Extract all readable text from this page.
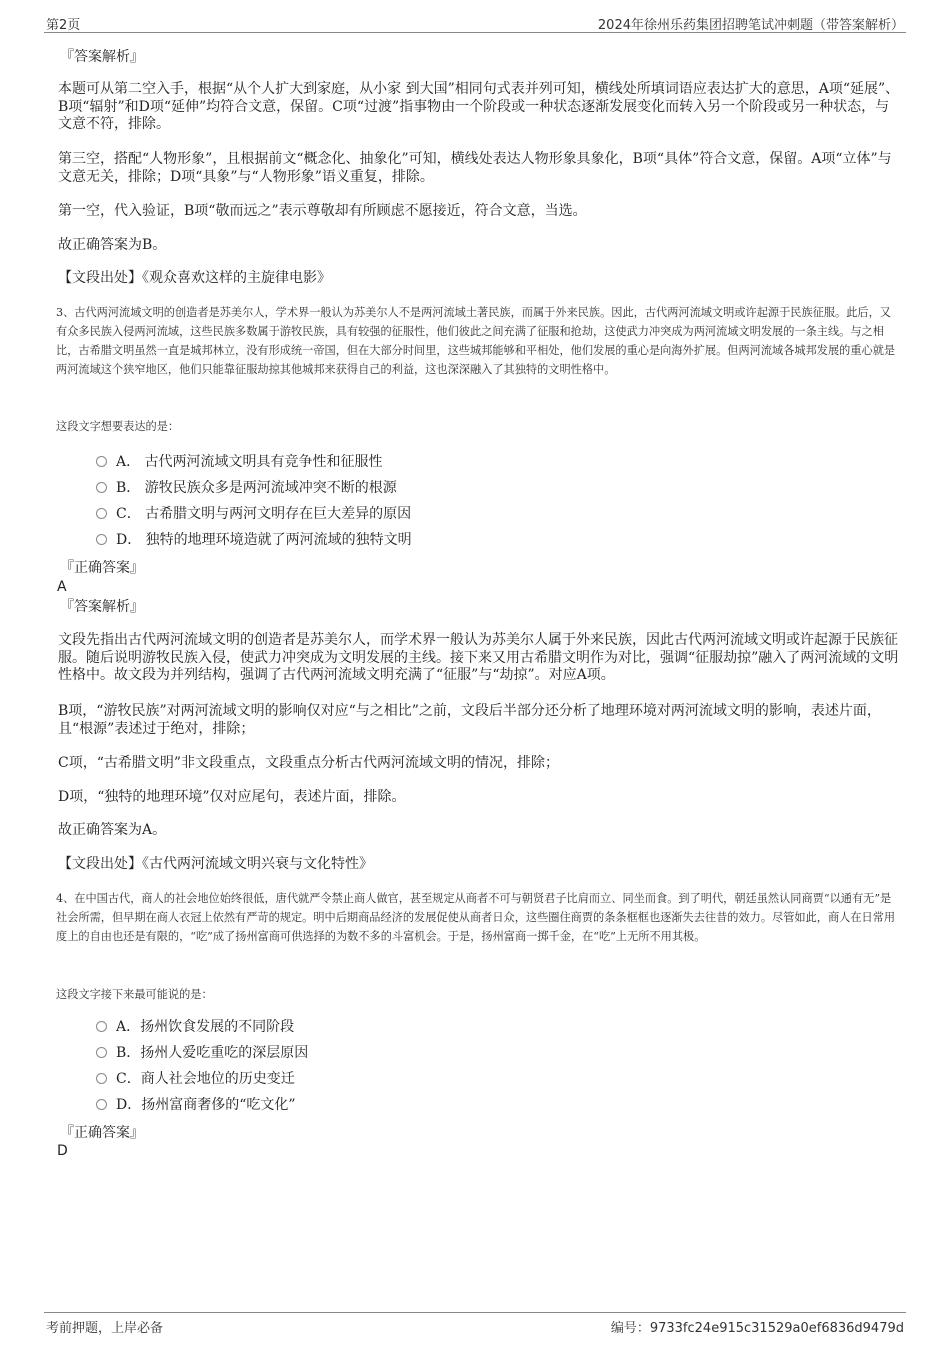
第2页	2024年徐州乐药集团招聘笔试冲刺题（带答案解析）
『答案解析』
本题可从第二空入手，根据“从个人扩大到家庭，从小家 到大国”相同句式表并列可知，横线处所填词语应表达扩大的意思，A项“延展”、B项“辐射”和D项“延伸”均符合文意，保留。C项“过渡”指事物由一个阶段或一种状态逐渐发展变化而转入另一个阶段或另一种状态，与文意不符，排除。
第三空，搭配“人物形象”，且根据前文“概念化、抽象化”可知，横线处表达人物形象具象化，B项“具体”符合文意，保留。A项“立体”与文意无关，排除；D项“具象”与“人物形象”语义重复，排除。
第一空，代入验证，B项“敬而远之”表示尊敬却有所顾虑不愿接近，符合文意，当选。
故正确答案为B。
【文段出处】《观众喜欢这样的主旋律电影》
3、古代两河流域文明的创造者是苏美尔人，学术界一般认为苏美尔人不是两河流域土著民族，而属于外来民族。因此，古代两河流域文明或许起源于民族征服。此后，又有众多民族入侵两河流域，这些民族多数属于游牧民族，具有较强的征服性，他们彼此之间充满了征服和抢劫，这使武力冲突成为两河流域文明发展的一条主线。与之相比，古希腊文明虽然一直是城邦林立，没有形成统一帝国，但在大部分时间里，这些城邦能够和平相处，他们发展的重心是向海外扩展。但两河流域各城邦发展的重心就是两河流域这个狭窄地区，他们只能靠征服劫掠其他城邦来获得自己的利益，这也深深融入了其独特的文明性格中。
这段文字想要表达的是：
A． 古代两河流域文明具有竞争性和征服性
B． 游牧民族众多是两河流域冲突不断的根源
C． 古希腊文明与两河文明存在巨大差异的原因
D． 独特的地理环境造就了两河流域的独特文明
『正确答案』
A
『答案解析』
文段先指出古代两河流域文明的创造者是苏美尔人，而学术界一般认为苏美尔人属于外来民族，因此古代两河流域文明或许起源于民族征服。随后说明游牧民族入侵，使武力冲突成为文明发展的主线。接下来又用古希腊文明作为对比，强调“征服劫掠”融入了两河流域的文明性格中。故文段为并列结构，强调了古代两河流域文明充满了“征服”与“劫掠”。对应A项。
B项，“游牧民族”对两河流域文明的影响仅对应“与之相比”之前，文段后半部分还分析了地理环境对两河流域文明的影响，表述片面，且“根源”表述过于绝对，排除；
C项，“古希腊文明”非文段重点，文段重点分析古代两河流域文明的情况，排除；
D项，“独特的地理环境”仅对应尾句，表述片面，排除。
故正确答案为A。
【文段出处】《古代两河流域文明兴衰与文化特性》
4、在中国古代，商人的社会地位始终很低，唐代就严令禁止商人做官，甚至规定从商者不可与朝贤君子比肩而立、同坐而食。到了明代，朝廷虽然认同商贾“以通有无”是社会所需，但早期在商人衣冠上依然有严苛的规定。明中后期商品经济的发展促使从商者日众，这些圈住商贾的条条框框也逐渐失去往昔的效力。尽管如此，商人在日常用度上的自由也还是有限的，“吃”成了扬州富商可供选择的为数不多的斗富机会。于是，扬州富商一掷千金，在“吃”上无所不用其极。
这段文字接下来最可能说的是：
A．扬州饮食发展的不同阶段
B．扬州人爱吃重吃的深层原因
C．商人社会地位的历史变迁
D．扬州富商奢侈的“吃文化”
『正确答案』
D
考前押题，上岸必备	编号：9733fc24e915c31529a0ef6836d9479d
